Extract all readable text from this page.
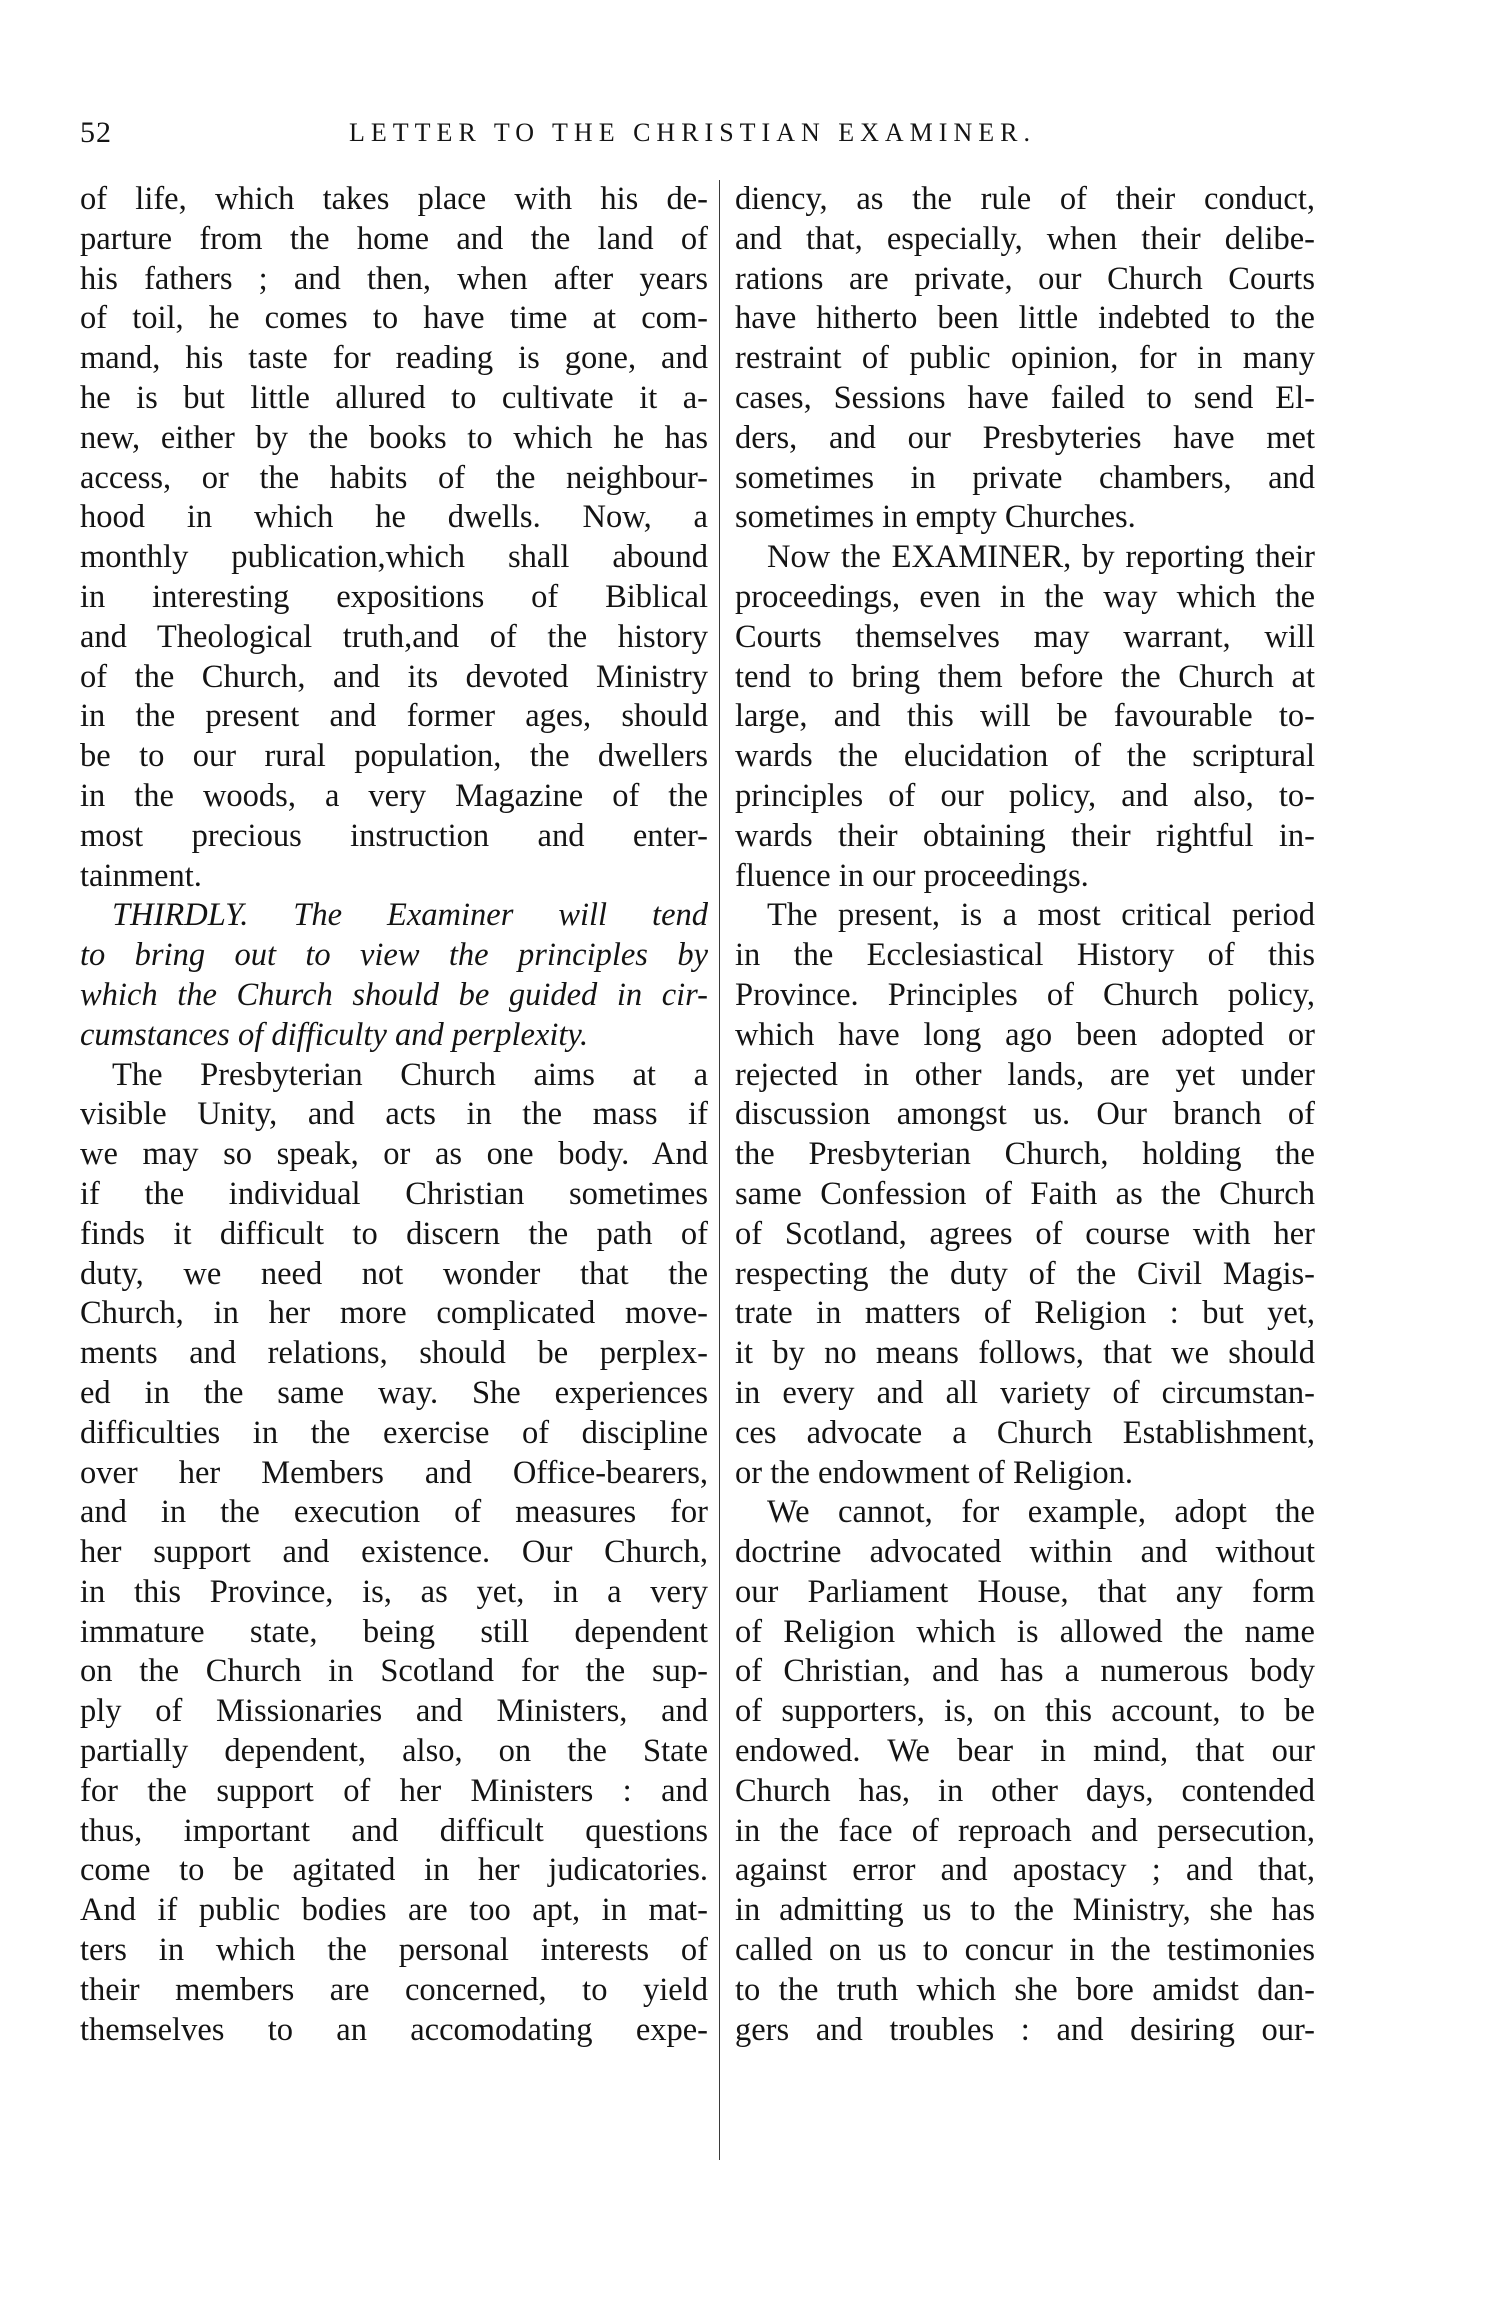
52	LETTER TO THE CHRISTIAN EXAMINER.
of life, which takes place with his de-
parture from the home and the land of
his fathers ; and then, when after years
of toil, he comes to have time at com-
mand, his taste for reading is gone, and
he is but little allured to cultivate it a-
new, either by the books to which he has
access, or the habits of the neighbour-
hood in which he dwells. Now, a
monthly publication,which shall abound
in interesting expositions of Biblical
and Theological truth,and of the history
of the Church, and its devoted Ministry
in the present and former ages, should
be to our rural population, the dwellers
in the woods, a very Magazine of the
most precious instruction and enter-
tainment.
THIRDLY. The Examiner will tend
to bring out to view the principles by
which the Church should be guided in cir-
cumstances of difficulty and perplexity.
The Presbyterian Church aims at a
visible Unity, and acts in the mass if
we may so speak, or as one body. And
if the individual Christian sometimes
finds it difficult to discern the path of
duty, we need not wonder that the
Church, in her more complicated move-
ments and relations, should be perplex-
ed in the same way. She experiences
difficulties in the exercise of discipline
over her Members and Office-bearers,
and in the execution of measures for
her support and existence. Our Church,
in this Province, is, as yet, in a very
immature state, being still dependent
on the Church in Scotland for the sup-
ply of Missionaries and Ministers, and
partially dependent, also, on the State
for the support of her Ministers : and
thus, important and difficult questions
come to be agitated in her judicatories.
And if public bodies are too apt, in mat-
ters in which the personal interests of
their members are concerned, to yield
themselves to an accomodating expe-
diency, as the rule of their conduct,
and that, especially, when their delibe-
rations are private, our Church Courts
have hitherto been little indebted to the
restraint of public opinion, for in many
cases, Sessions have failed to send El-
ders, and our Presbyteries have met
sometimes in private chambers, and
sometimes in empty Churches.
Now the EXAMINER, by reporting their
proceedings, even in the way which the
Courts themselves may warrant, will
tend to bring them before the Church at
large, and this will be favourable to-
wards the elucidation of the scriptural
principles of our policy, and also, to-
wards their obtaining their rightful in-
fluence in our proceedings.
The present, is a most critical period
in the Ecclesiastical History of this
Province. Principles of Church policy,
which have long ago been adopted or
rejected in other lands, are yet under
discussion amongst us. Our branch of
the Presbyterian Church, holding the
same Confession of Faith as the Church
of Scotland, agrees of course with her
respecting the duty of the Civil Magis-
trate in matters of Religion : but yet,
it by no means follows, that we should
in every and all variety of circumstan-
ces advocate a Church Establishment,
or the endowment of Religion.
We cannot, for example, adopt the
doctrine advocated within and without
our Parliament House, that any form
of Religion which is allowed the name
of Christian, and has a numerous body
of supporters, is, on this account, to be
endowed. We bear in mind, that our
Church has, in other days, contended
in the face of reproach and persecution,
against error and apostacy ; and that,
in admitting us to the Ministry, she has
called on us to concur in the testimonies
to the truth which she bore amidst dan-
gers and troubles : and desiring our-
